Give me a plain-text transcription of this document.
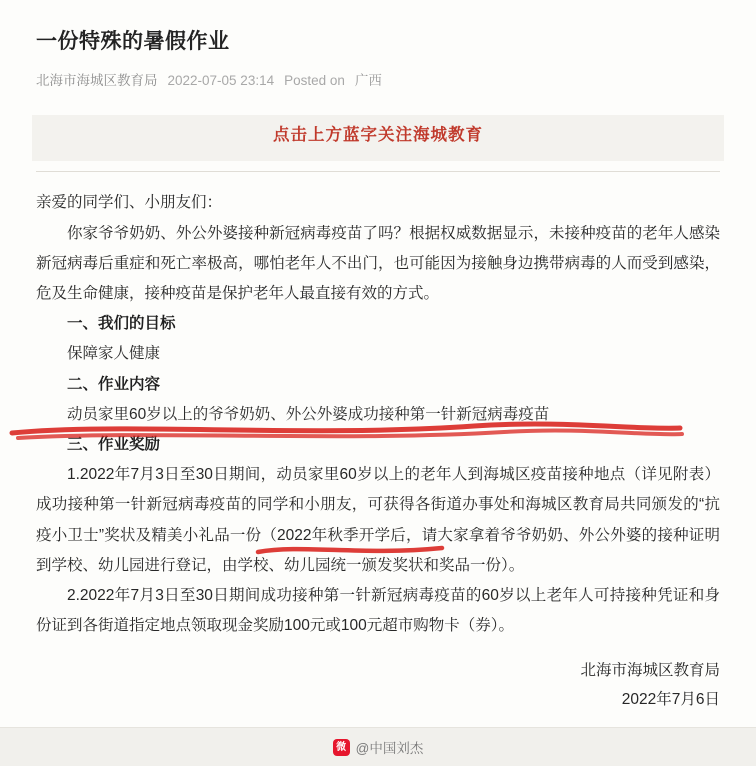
一份特殊的暑假作业
北海市海城区教育局 2022-07-05 23:14 Posted on 广西
点击上方蓝字关注海城教育
亲爱的同学们、小朋友们：
你家爷爷奶奶、外公外婆接种新冠病毒疫苗了吗？根据权威数据显示，未接种疫苗的老年人感染新冠病毒后重症和死亡率极高，哪怕老年人不出门，也可能因为接触身边携带病毒的人而受到感染，危及生命健康，接种疫苗是保护老年人最直接有效的方式。
一、我们的目标
保障家人健康
二、作业内容
动员家里60岁以上的爷爷奶奶、外公外婆成功接种第一针新冠病毒疫苗
三、作业奖励
1.2022年7月3日至30日期间，动员家里60岁以上的老年人到海城区疫苗接种地点（详见附表）成功接种第一针新冠病毒疫苗的同学和小朋友，可获得各街道办事处和海城区教育局共同颁发的“抗疫小卫士”奖状及精美小礼品一份（2022年秋季开学后，请大家拿着爷爷奶奶、外公外婆的接种证明到学校、幼儿园进行登记，由学校、幼儿园统一颁发奖状和奖品一份）。
2.2022年7月3日至30日期间成功接种第一针新冠病毒疫苗的60岁以上老年人可持接种凭证和身份证到各街道指定地点领取现金奖励100元或100元超市购物卡（券）。
北海市海城区教育局
2022年7月6日
微 @中国刘杰
